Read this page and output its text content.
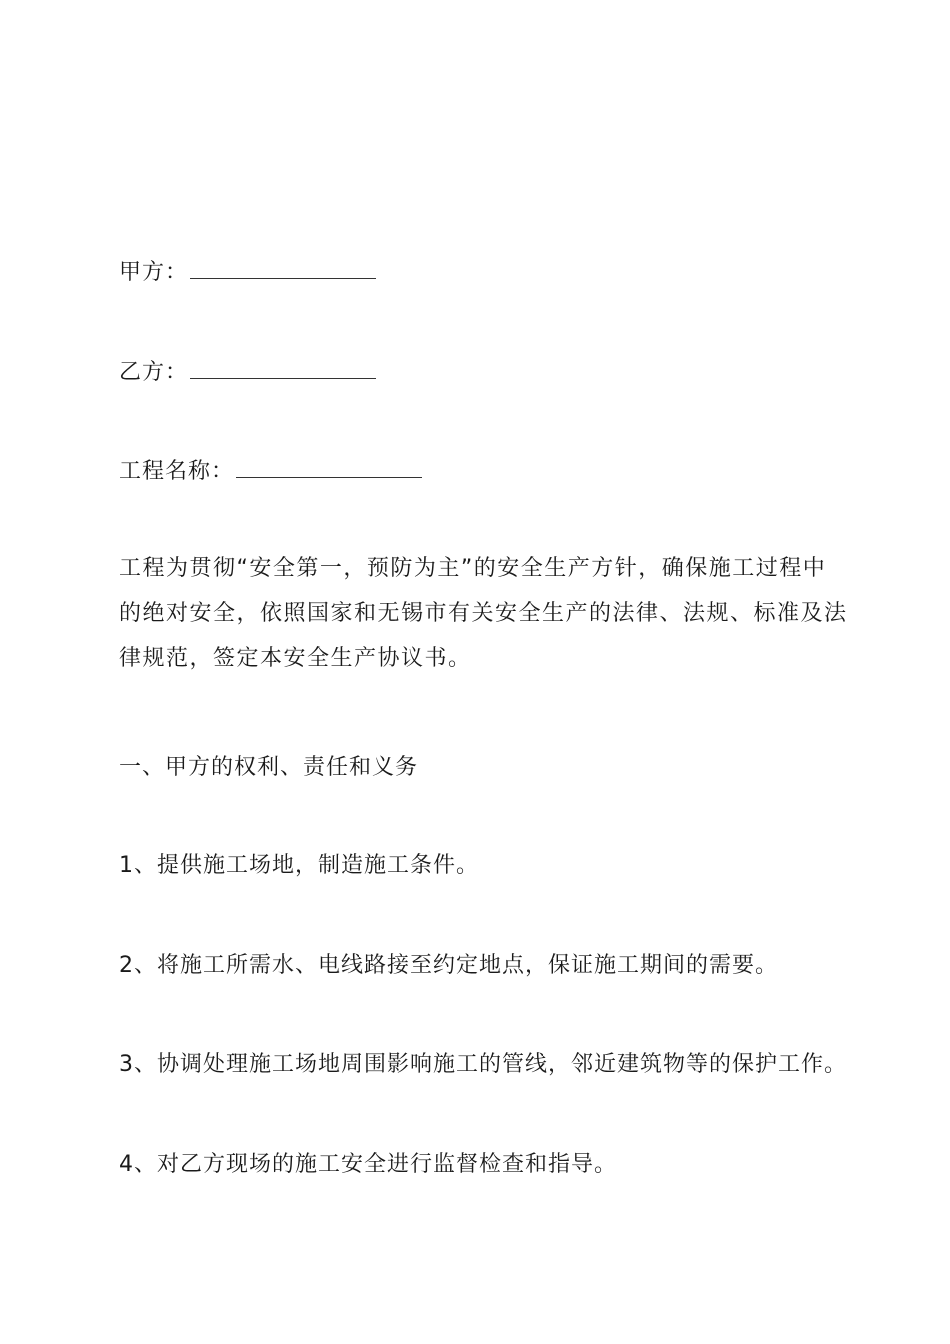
甲方：
乙方：
工程名称：
工程为贯彻“安全第一，预防为主”的安全生产方针，确保施工过程中
的绝对安全，依照国家和无锡市有关安全生产的法律、法规、标准及法
律规范，签定本安全生产协议书。
一、甲方的权利、责任和义务
1、提供施工场地，制造施工条件。
2、将施工所需水、电线路接至约定地点，保证施工期间的需要。
3、协调处理施工场地周围影响施工的管线，邻近建筑物等的保护工作。
4、对乙方现场的施工安全进行监督检查和指导。
